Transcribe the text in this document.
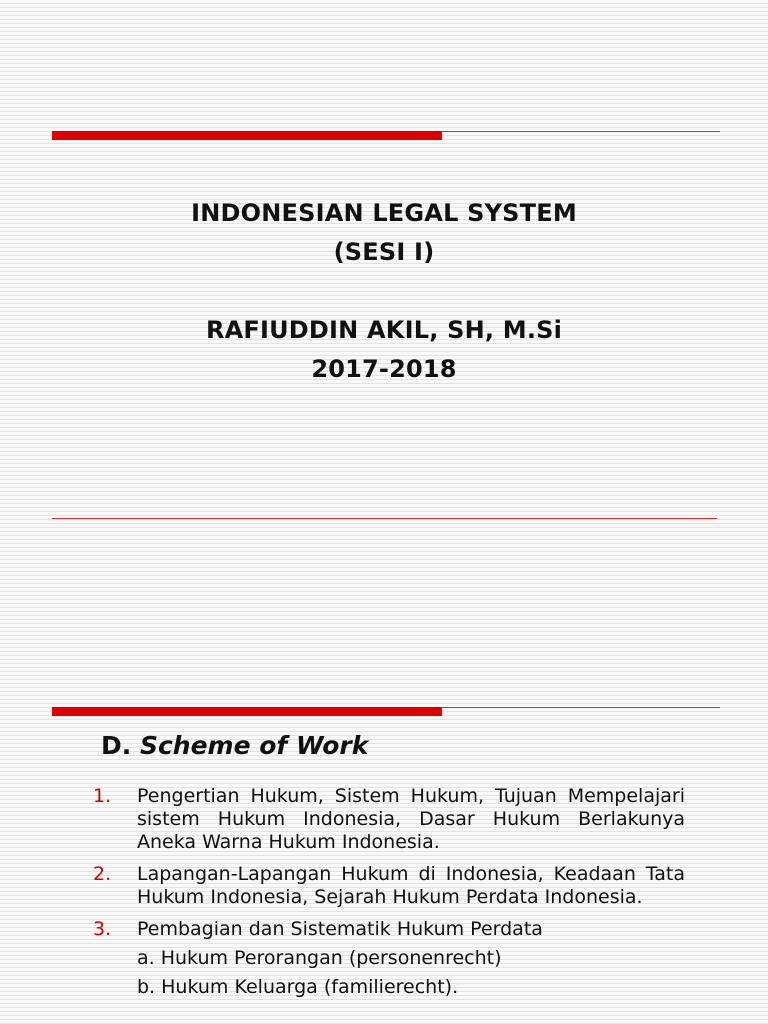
INDONESIAN LEGAL SYSTEM
(SESI I)
RAFIUDDIN AKIL, SH, M.Si
2017-2018
D. Scheme of Work
1.	Pengertian Hukum, Sistem Hukum, Tujuan Mempelajari sistem Hukum Indonesia, Dasar Hukum Berlakunya Aneka Warna Hukum Indonesia.
2.	Lapangan-Lapangan Hukum di Indonesia, Keadaan Tata Hukum Indonesia, Sejarah Hukum Perdata Indonesia.
3.	Pembagian dan Sistematik Hukum Perdata
a. Hukum Perorangan (personenrecht)
b. Hukum Keluarga (familierecht).
